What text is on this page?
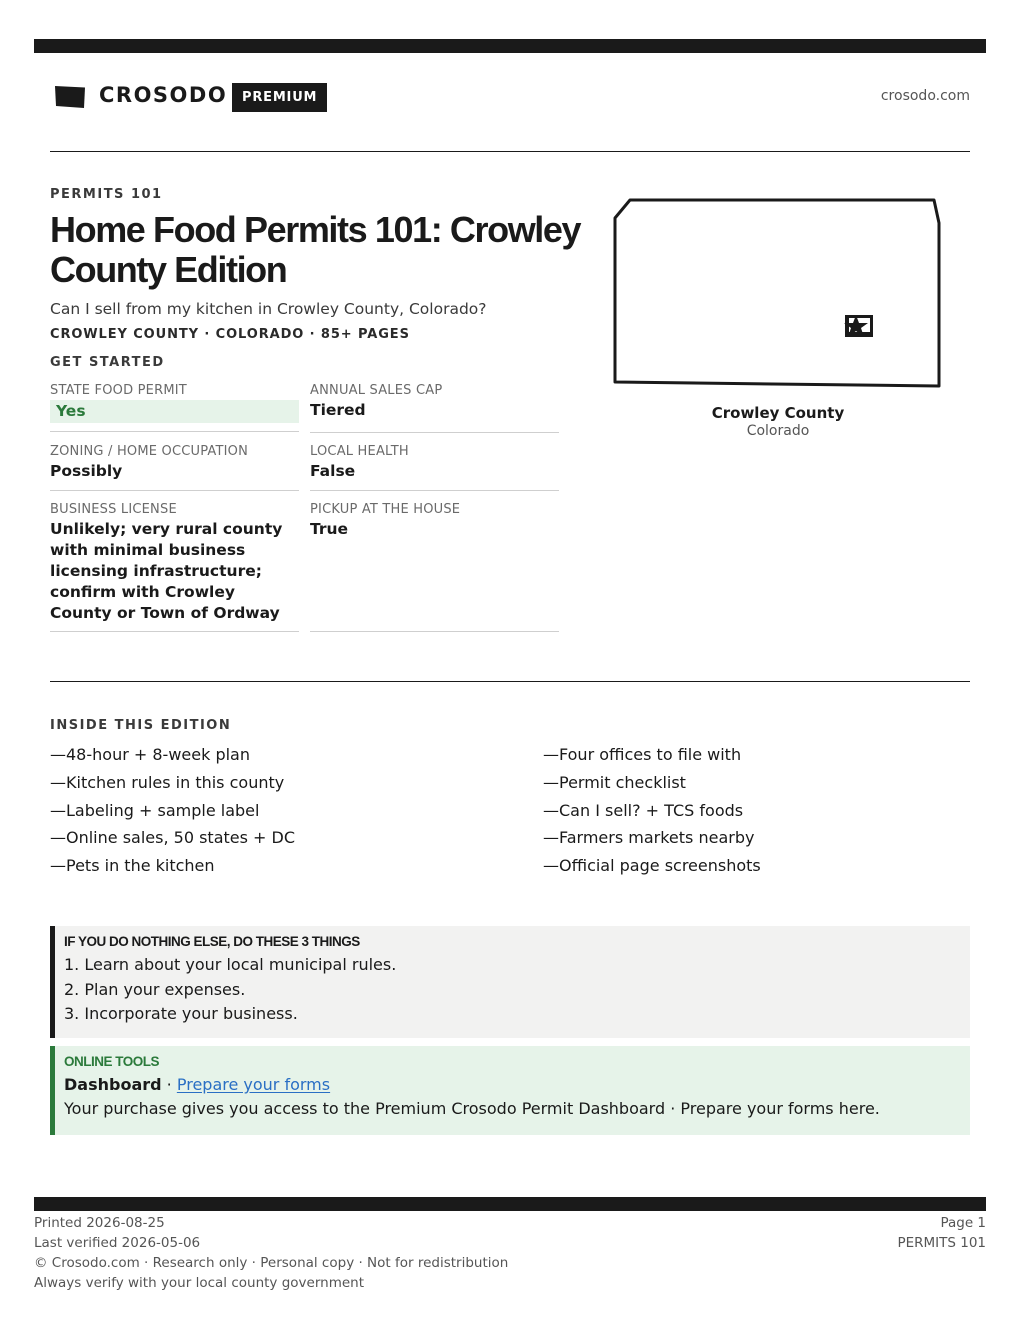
CROSODO	PREMIUM	crosodo.com
PERMITS 101
Home Food Permits 101: Crowley County Edition
Can I sell from my kitchen in Crowley County, Colorado?
CROWLEY COUNTY · COLORADO · 85+ PAGES
GET STARTED
STATE FOOD PERMIT
Yes
ANNUAL SALES CAP
Tiered
ZONING / HOME OCCUPATION
Possibly
LOCAL HEALTH
False
BUSINESS LICENSE
Unlikely; very rural county with minimal business licensing infrastructure; confirm with Crowley County or Town of Ordway
PICKUP AT THE HOUSE
True
Crowley County
Colorado
INSIDE THIS EDITION
—48-hour + 8-week plan
—Kitchen rules in this county
—Labeling + sample label
—Online sales, 50 states + DC
—Pets in the kitchen
—Four offices to file with
—Permit checklist
—Can I sell? + TCS foods
—Farmers markets nearby
—Official page screenshots
IF YOU DO NOTHING ELSE, DO THESE 3 THINGS
1. Learn about your local municipal rules.
2. Plan your expenses.
3. Incorporate your business.
ONLINE TOOLS
Dashboard · Prepare your forms
Your purchase gives you access to the Premium Crosodo Permit Dashboard · Prepare your forms here.
Printed 2026-08-25
Last verified 2026-05-06
© Crosodo.com · Research only · Personal copy · Not for redistribution
Always verify with your local county government
Page 1
PERMITS 101
